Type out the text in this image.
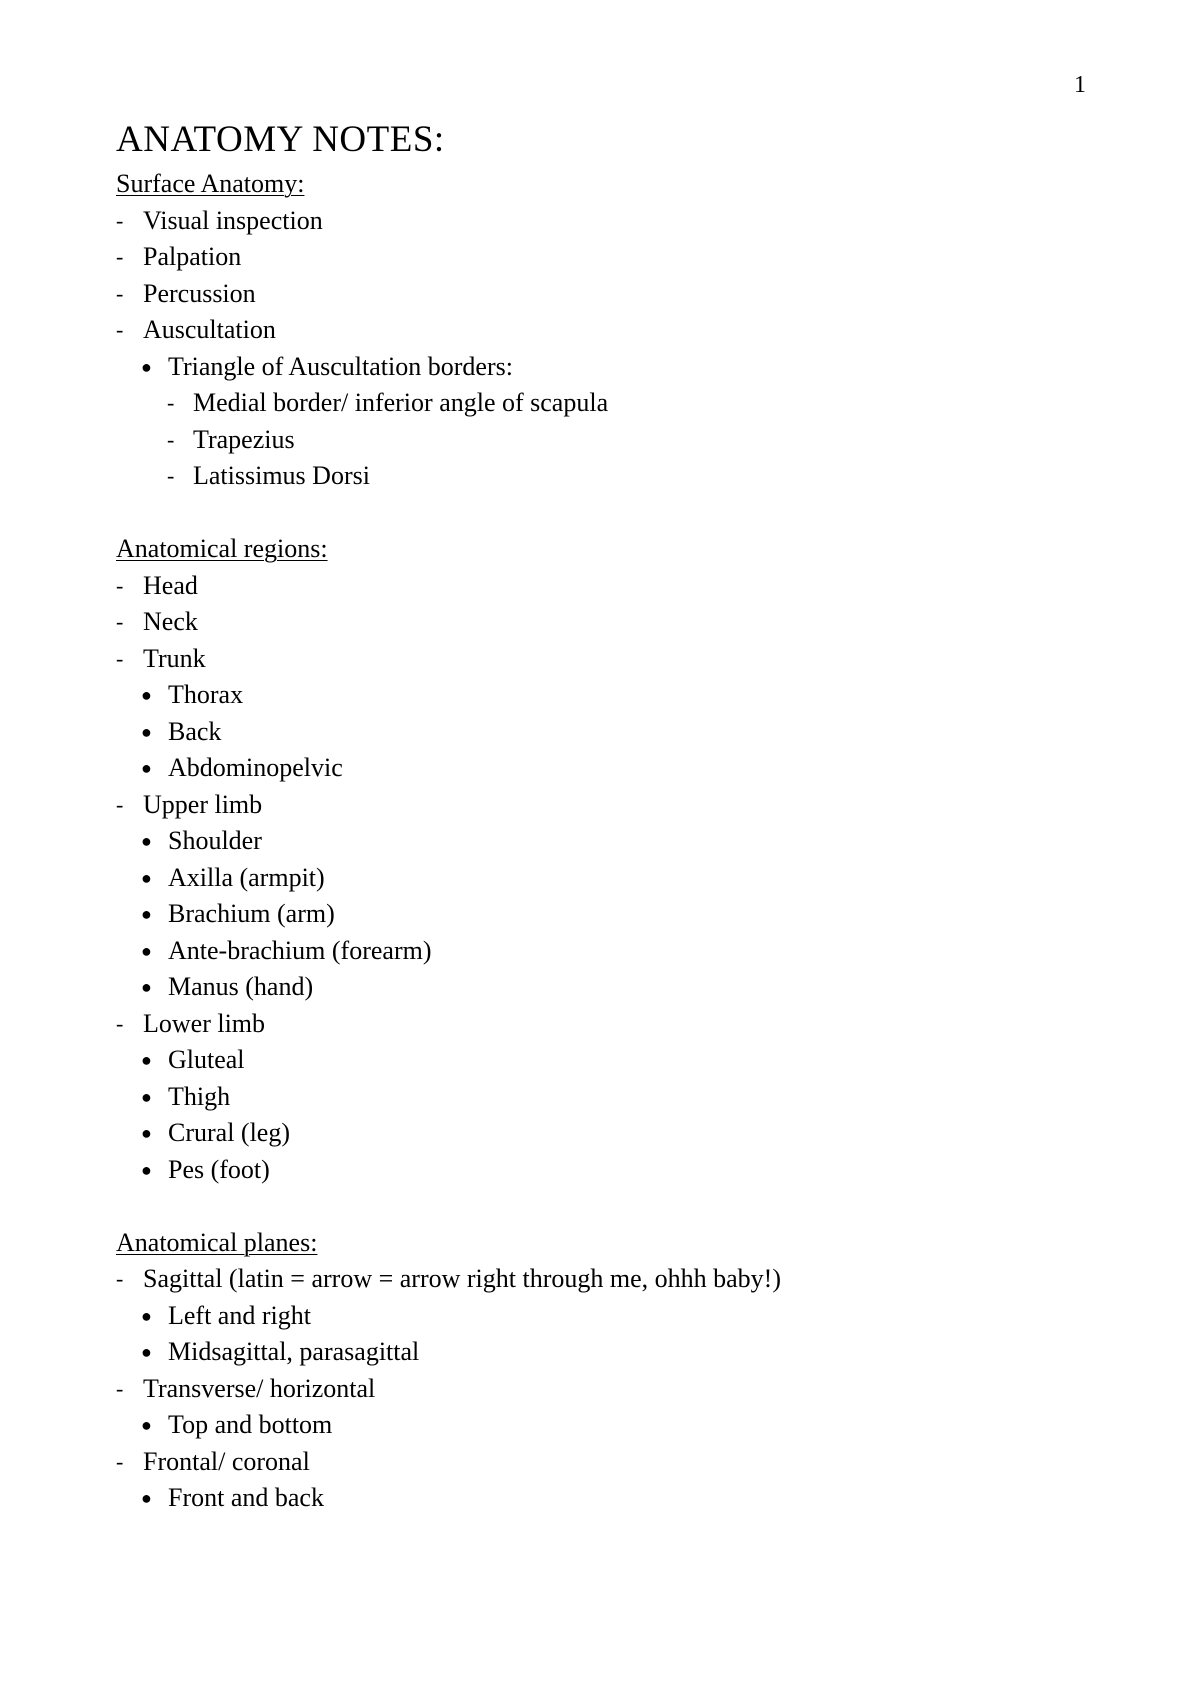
1
ANATOMY NOTES:
Surface Anatomy:
- Visual inspection
- Palpation
- Percussion
- Auscultation
● Triangle of Auscultation borders:
- Medial border/ inferior angle of scapula
- Trapezius
- Latissimus Dorsi
Anatomical regions:
- Head
- Neck
- Trunk
● Thorax
● Back
● Abdominopelvic
- Upper limb
● Shoulder
● Axilla (armpit)
● Brachium (arm)
● Ante-brachium (forearm)
● Manus (hand)
- Lower limb
● Gluteal
● Thigh
● Crural (leg)
● Pes (foot)
Anatomical planes:
- Sagittal (latin = arrow = arrow right through me, ohhh baby!)
● Left and right
● Midsagittal, parasagittal
- Transverse/ horizontal
● Top and bottom
- Frontal/ coronal
● Front and back
